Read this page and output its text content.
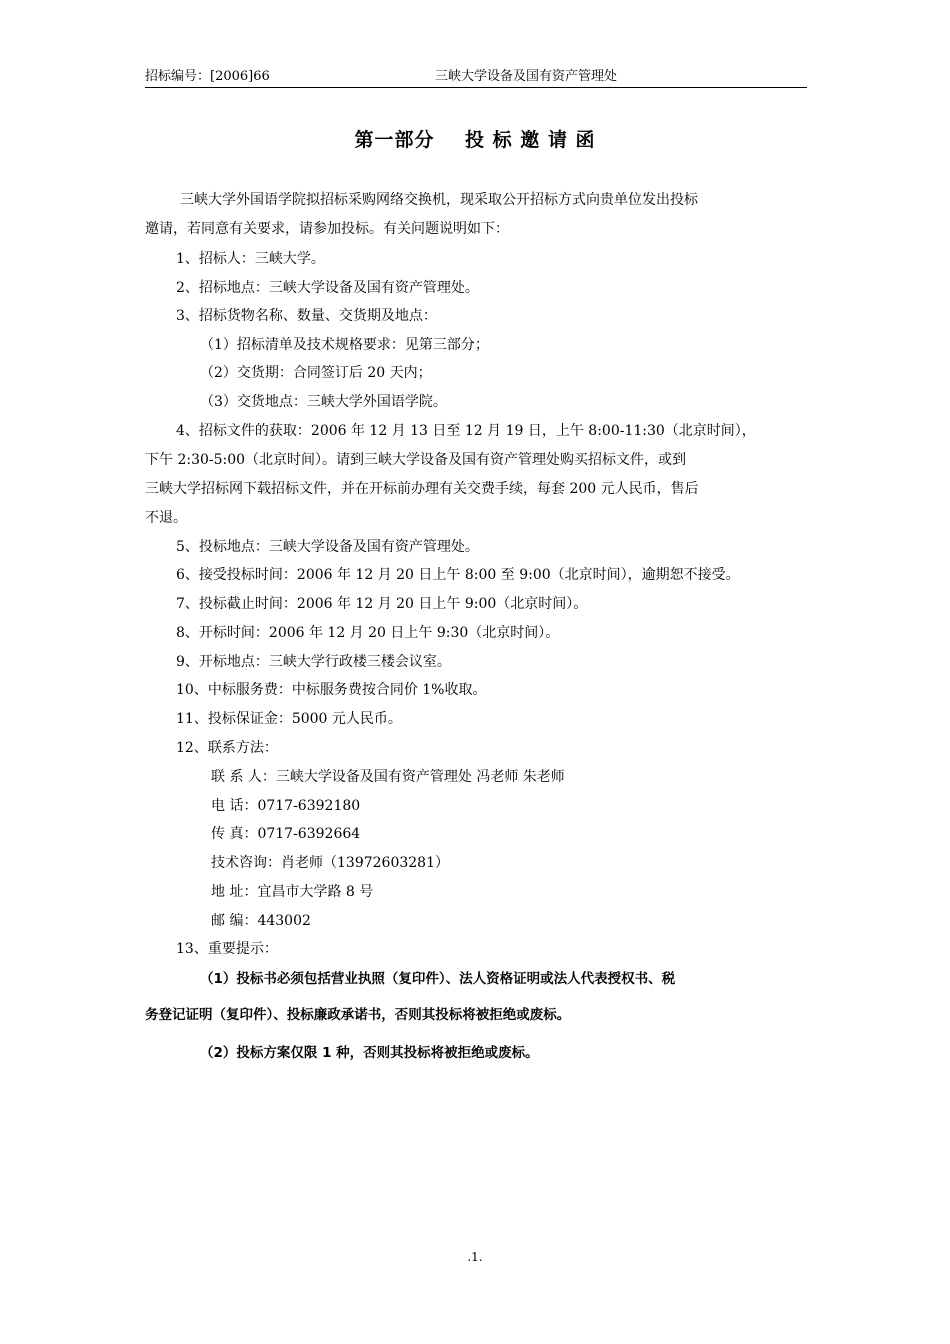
招标编号：[2006]66	三峡大学设备及国有资产管理处
第一部分 投 标 邀 请 函
三峡大学外国语学院拟招标采购网络交换机，现采取公开招标方式向贵单位发出投标
邀请，若同意有关要求，请参加投标。有关问题说明如下：
1、招标人：三峡大学。
2、招标地点：三峡大学设备及国有资产管理处。
3、招标货物名称、数量、交货期及地点：
（1）招标清单及技术规格要求：见第三部分；
（2）交货期：合同签订后 20 天内；
（3）交货地点：三峡大学外国语学院。
4、招标文件的获取：2006 年 12 月 13 日至 12 月 19 日，上午 8:00-11:30（北京时间），
下午 2:30-5:00（北京时间）。请到三峡大学设备及国有资产管理处购买招标文件，或到
三峡大学招标网下载招标文件，并在开标前办理有关交费手续，每套 200 元人民币，售后
不退。
5、投标地点：三峡大学设备及国有资产管理处。
6、接受投标时间：2006 年 12 月 20 日上午 8:00 至 9:00（北京时间），逾期恕不接受。
7、投标截止时间：2006 年 12 月 20 日上午 9:00（北京时间）。
8、开标时间：2006 年 12 月 20 日上午 9:30（北京时间）。
9、开标地点：三峡大学行政楼三楼会议室。
10、中标服务费：中标服务费按合同价 1%收取。
11、投标保证金：5000 元人民币。
12、联系方法：
联 系 人：三峡大学设备及国有资产管理处 冯老师 朱老师
电 话：0717-6392180
传 真：0717-6392664
技术咨询：肖老师（13972603281）
地 址：宜昌市大学路 8 号
邮 编：443002
13、重要提示：
（1）投标书必须包括营业执照（复印件）、法人资格证明或法人代表授权书、税
务登记证明（复印件）、投标廉政承诺书，否则其投标将被拒绝或废标。
（2）投标方案仅限 1 种，否则其投标将被拒绝或废标。
.1.
